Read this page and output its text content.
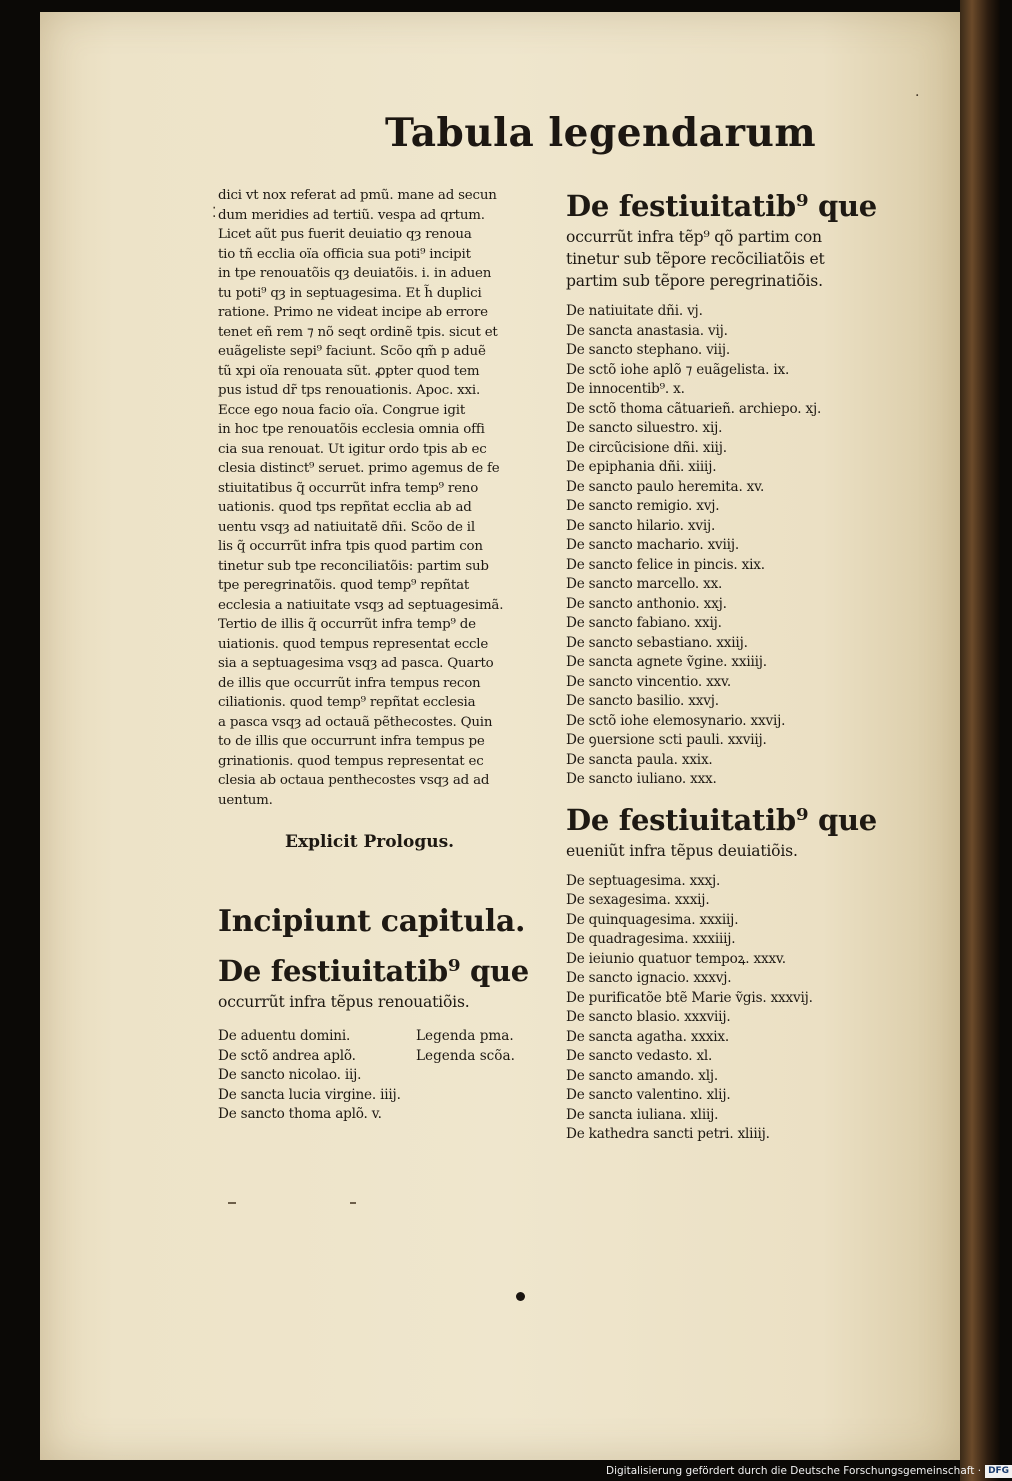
Tabula legendarum
⁚
·
dici vt nox referat ad pmũ. mane ad secun
dum meridies ad tertiũ. vespa ad qrtum.
Licet aũt pus fuerit deuiatio qȝ renoua
tio tñ ecclia oïa officia sua poti⁹ incipit
in tpe renouatõis qȝ deuiatõis. i. in aduen
tu poti⁹ qȝ in septuagesima. Et h̃ duplici
ratione. Primo ne videat incipe ab errore
tenet eñ rem ⁊ nõ seqt ordinẽ tpis. sicut et
euãgeliste sepi⁹ faciunt. Scõo qm̃ p aduẽ
tũ xpi oïa renouata sũt. ꝓpter quod tem
pus istud dr̃ tps renouationis. Apoc. xxi.
Ecce ego noua facio oïa. Congrue igit
in hoc tpe renouatõis ecclesia omnia offi
cia sua renouat. Ut igitur ordo tpis ab ec
clesia distinct⁹ seruet. primo agemus de fe
stiuitatibus q̃ occurrũt infra temp⁹ reno
uationis. quod tps repñtat ecclia ab ad
uentu vsqȝ ad natiuitatẽ dñi. Scõo de il
lis q̃ occurrũt infra tpis quod partim con
tinetur sub tpe reconciliatõis: partim sub
tpe peregrinatõis. quod temp⁹ repñtat
ecclesia a natiuitate vsqȝ ad septuagesimã.
Tertio de illis q̃ occurrũt infra temp⁹ de
uiationis. quod tempus representat eccle
sia a septuagesima vsqȝ ad pasca. Quarto
de illis que occurrũt infra tempus recon
ciliationis. quod temp⁹ repñtat ecclesia
a pasca vsqȝ ad octauã pẽthecostes. Quin
to de illis que occurrunt infra tempus pe
grinationis. quod tempus representat ec
clesia ab octaua penthecostes vsqȝ ad ad
uentum.
Explicit Prologus.
Incipiunt capitula.
De festiuitatib⁹ que
occurrũt infra tẽpus renouatiõis.
De aduentu domini.
De sctõ andrea aplõ.
De sancto nicolao. iij.
De sancta lucia virgine. iiij.
De sancto thoma aplõ. v.
Legenda pma.
Legenda scõa.
De festiuitatib⁹ que
occurrũt infra tẽp⁹ qõ partim con
tinetur sub tẽpore recõciliatõis et
partim sub tẽpore peregrinatiõis.
De natiuitate dñi. vj.
De sancta anastasia. vij.
De sancto stephano. viij.
De sctõ iohe aplõ ⁊ euãgelista. ix.
De innocentib⁹. x.
De sctõ thoma cãtuarieñ. archiepo. xj.
De sancto siluestro. xij.
De circũcisione dñi. xiij.
De epiphania dñi. xiiij.
De sancto paulo heremita. xv.
De sancto remigio. xvj.
De sancto hilario. xvij.
De sancto machario. xviij.
De sancto felice in pincis. xix.
De sancto marcello. xx.
De sancto anthonio. xxj.
De sancto fabiano. xxij.
De sancto sebastiano. xxiij.
De sancta agnete ṽgine. xxiiij.
De sancto vincentio. xxv.
De sancto basilio. xxvj.
De sctõ iohe elemosynario. xxvij.
De ꝯuersione scti pauli. xxviij.
De sancta paula. xxix.
De sancto iuliano. xxx.
De festiuitatib⁹ que
eueniũt infra tẽpus deuiatiõis.
De septuagesima. xxxj.
De sexagesima. xxxij.
De quinquagesima. xxxiij.
De quadragesima. xxxiiij.
De ieiunio quatuor tempoꝝ. xxxv.
De sancto ignacio. xxxvj.
De purificatõe btẽ Marie ṽgis. xxxvij.
De sancto blasio. xxxviij.
De sancta agatha. xxxix.
De sancto vedasto. xl.
De sancto amando. xlj.
De sancto valentino. xlij.
De sancta iuliana. xliij.
De kathedra sancti petri. xliiij.
Digitalisierung gefördert durch die Deutsche Forschungsgemeinschaft · DFG
